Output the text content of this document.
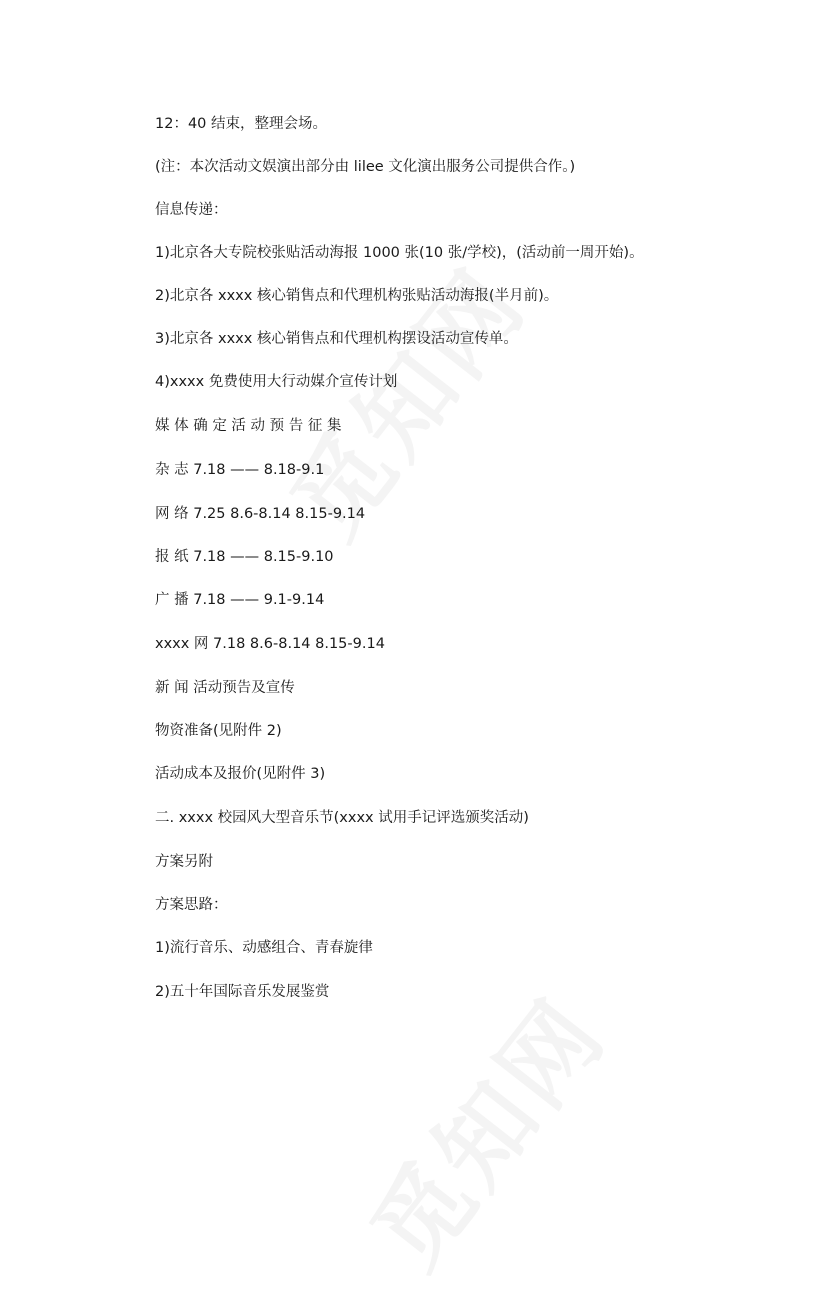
12：40 结束，整理会场。
(注：本次活动文娱演出部分由 lilee 文化演出服务公司提供合作。)
信息传递：
1)北京各大专院校张贴活动海报 1000 张(10 张/学校)，(活动前一周开始)。
2)北京各 xxxx 核心销售点和代理机构张贴活动海报(半月前)。
3)北京各 xxxx 核心销售点和代理机构摆设活动宣传单。
4)xxxx 免费使用大行动媒介宣传计划
媒 体 确 定 活 动 预 告 征 集
杂 志 7.18 —— 8.18-9.1
网 络 7.25 8.6-8.14 8.15-9.14
报 纸 7.18 —— 8.15-9.10
广 播 7.18 —— 9.1-9.14
xxxx 网 7.18 8.6-8.14 8.15-9.14
新 闻 活动预告及宣传
物资准备(见附件 2)
活动成本及报价(见附件 3)
二. xxxx 校园风大型音乐节(xxxx 试用手记评选颁奖活动)
方案另附
方案思路：
1)流行音乐、动感组合、青春旋律
2)五十年国际音乐发展鉴赏
